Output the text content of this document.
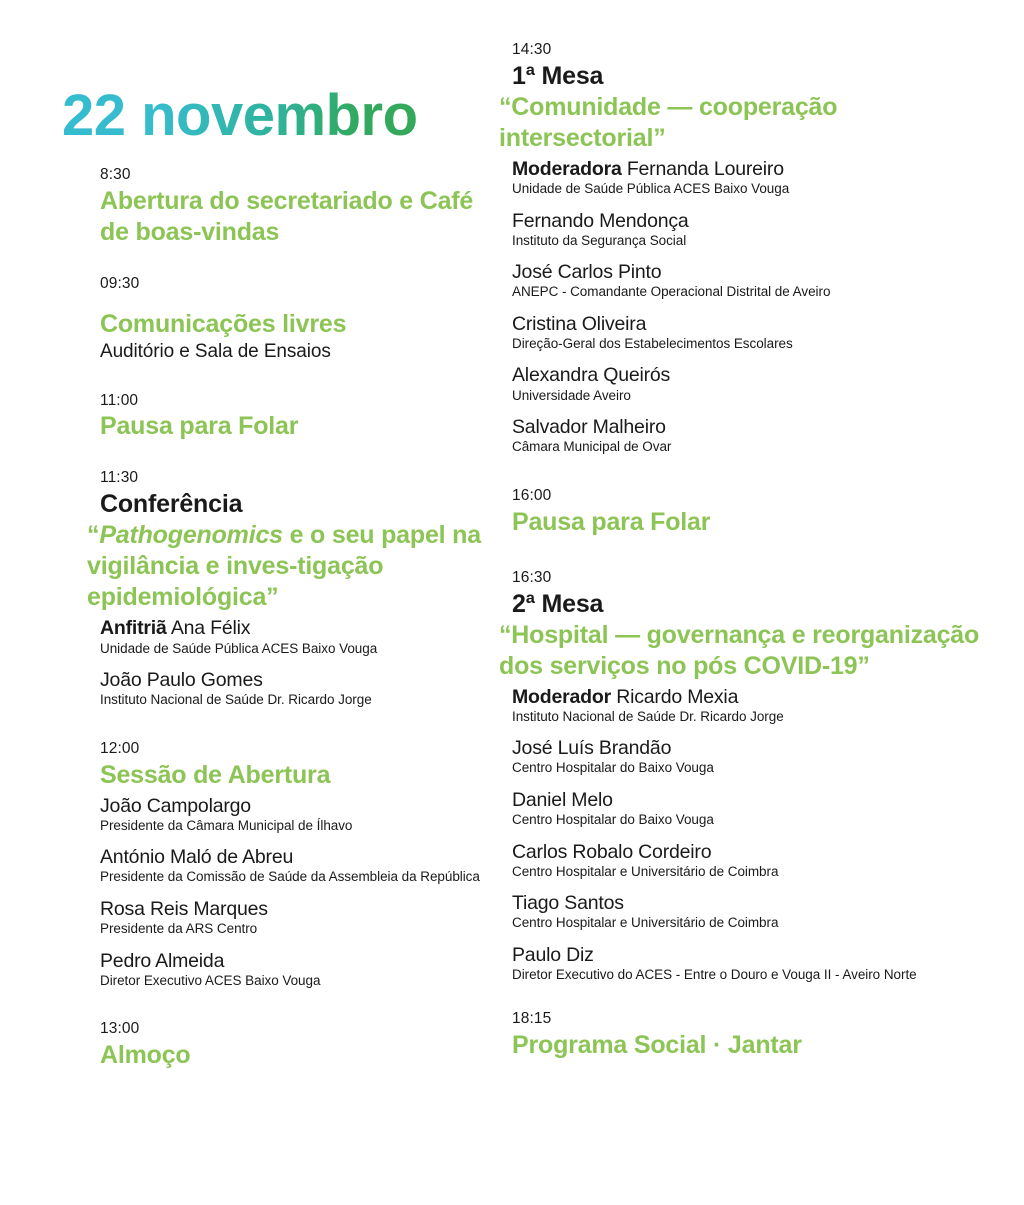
22 novembro
8:30
Abertura do secretariado e Café de boas-vindas
09:30
Comunicações livres
Auditório e Sala de Ensaios
11:00
Pausa para Folar
11:30
Conferência
“Pathogenomics e o seu papel na vigilância e inves-tigação epidemiológica”
Anfitriã Ana Félix
Unidade de Saúde Pública ACES Baixo Vouga
João Paulo Gomes
Instituto Nacional de Saúde Dr. Ricardo Jorge
12:00
Sessão de Abertura
João Campolargo
Presidente da Câmara Municipal de Ílhavo
António Maló de Abreu
Presidente da Comissão de Saúde da Assembleia da República
Rosa Reis Marques
Presidente da ARS Centro
Pedro Almeida
Diretor Executivo ACES Baixo Vouga
13:00
Almoço
14:30
1ª Mesa
“Comunidade — cooperação intersectorial”
Moderadora Fernanda Loureiro
Unidade de Saúde Pública ACES Baixo Vouga
Fernando Mendonça
Instituto da Segurança Social
José Carlos Pinto
ANEPC - Comandante Operacional Distrital de Aveiro
Cristina Oliveira
Direção-Geral dos Estabelecimentos Escolares
Alexandra Queirós
Universidade Aveiro
Salvador Malheiro
Câmara Municipal de Ovar
16:00
Pausa para Folar
16:30
2ª Mesa
“Hospital — governança e reorganização dos serviços no pós COVID-19”
Moderador Ricardo Mexia
Instituto Nacional de Saúde Dr. Ricardo Jorge
José Luís Brandão
Centro Hospitalar do Baixo Vouga
Daniel Melo
Centro Hospitalar do Baixo Vouga
Carlos Robalo Cordeiro
Centro Hospitalar e Universitário de Coimbra
Tiago Santos
Centro Hospitalar e Universitário de Coimbra
Paulo Diz
Diretor Executivo do ACES - Entre o Douro e Vouga II - Aveiro Norte
18:15
Programa Social · Jantar
